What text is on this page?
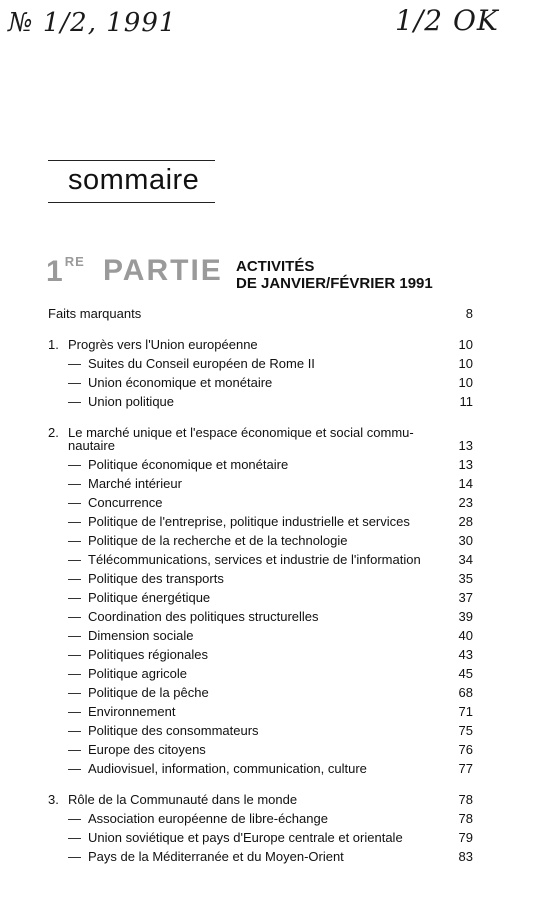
№ 1/2, 1991	1/2 OK
sommaire
1 $^{RE}$ PARTIE ACTIVITÉS
DE JANVIER/FÉVRIER 1991
Faits marquants	8
1. Progrès vers l'Union européenne	10
— Suites du Conseil européen de Rome II	10
— Union économique et monétaire	10
— Union politique	11
2. Le marché unique et l'espace économique et social commu-
nautaire	13
— Politique économique et monétaire	13
— Marché intérieur	14
— Concurrence	23
— Politique de l'entreprise, politique industrielle et services	28
— Politique de la recherche et de la technologie	30
— Télécommunications, services et industrie de l'information	34
— Politique des transports	35
— Politique énergétique	37
— Coordination des politiques structurelles	39
— Dimension sociale	40
— Politiques régionales	43
— Politique agricole	45
— Politique de la pêche	68
— Environnement	71
— Politique des consommateurs	75
— Europe des citoyens	76
— Audiovisuel, information, communication, culture	77
3. Rôle de la Communauté dans le monde	78
— Association européenne de libre-échange	78
— Union soviétique et pays d'Europe centrale et orientale	79
— Pays de la Méditerranée et du Moyen-Orient	83
